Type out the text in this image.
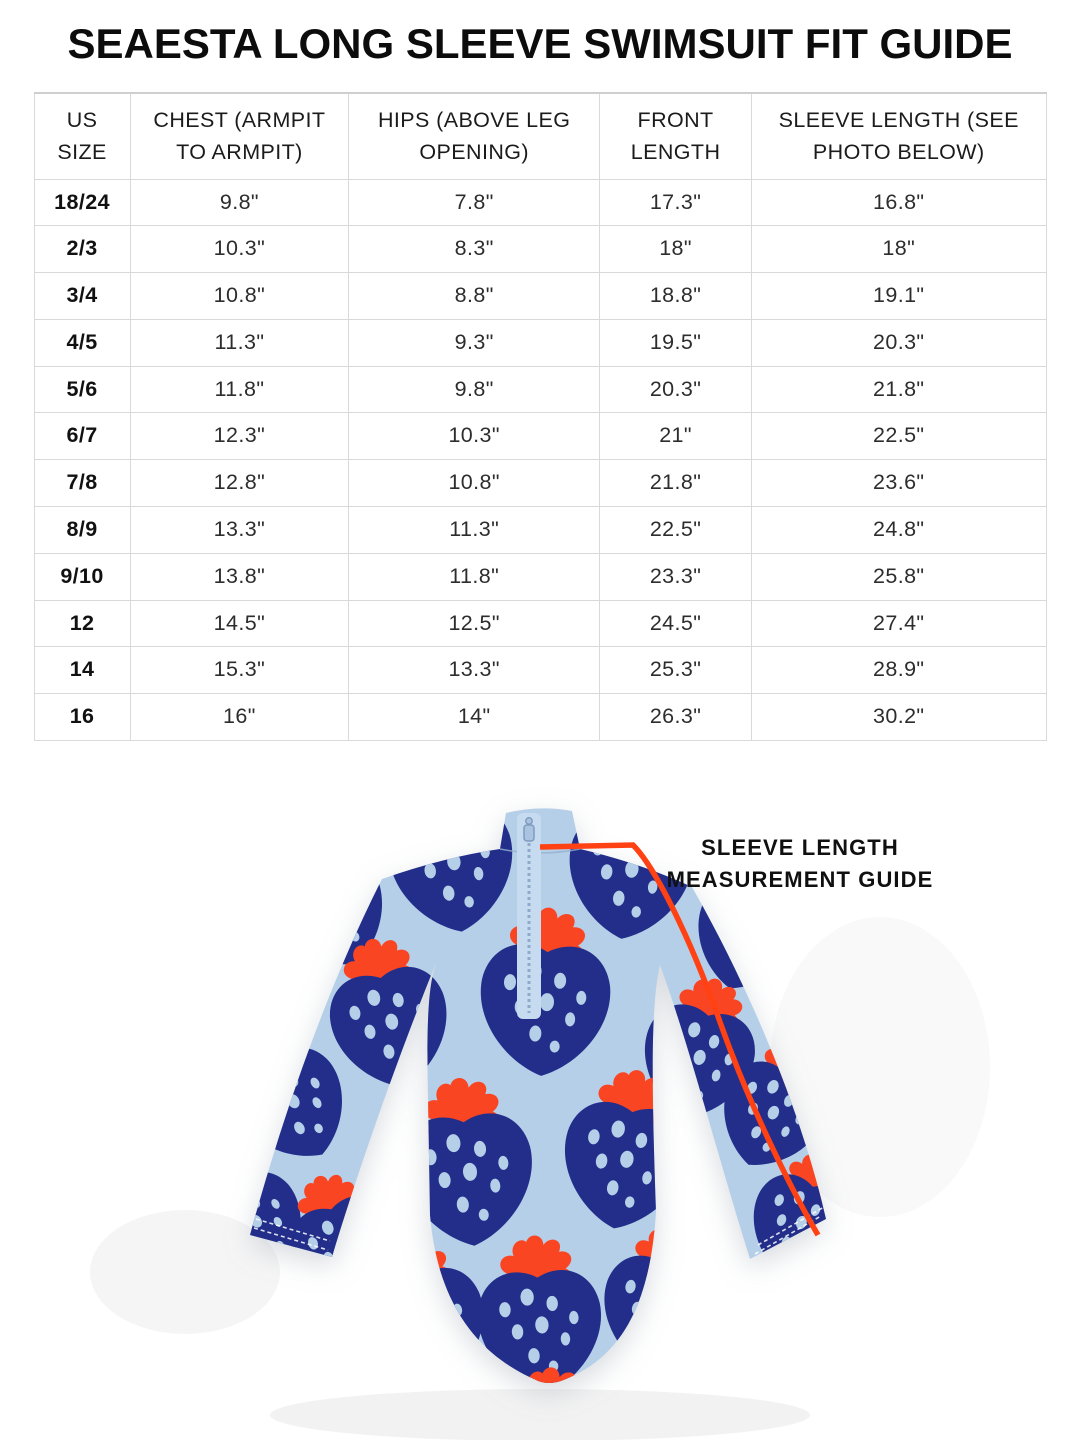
SEAESTA LONG SLEEVE SWIMSUIT FIT GUIDE
US SIZE	CHEST (ARMPIT TO ARMPIT)	HIPS (ABOVE LEG OPENING)	FRONT LENGTH	SLEEVE LENGTH (SEE PHOTO BELOW)
18/24	9.8"	7.8"	17.3"	16.8"
2/3	10.3"	8.3"	18"	18"
3/4	10.8"	8.8"	18.8"	19.1"
4/5	11.3"	9.3"	19.5"	20.3"
5/6	11.8"	9.8"	20.3"	21.8"
6/7	12.3"	10.3"	21"	22.5"
7/8	12.8"	10.8"	21.8"	23.6"
8/9	13.3"	11.3"	22.5"	24.8"
9/10	13.8"	11.8"	23.3"	25.8"
12	14.5"	12.5"	24.5"	27.4"
14	15.3"	13.3"	25.3"	28.9"
16	16"	14"	26.3"	30.2"
SLEEVE LENGTH
MEASUREMENT GUIDE
